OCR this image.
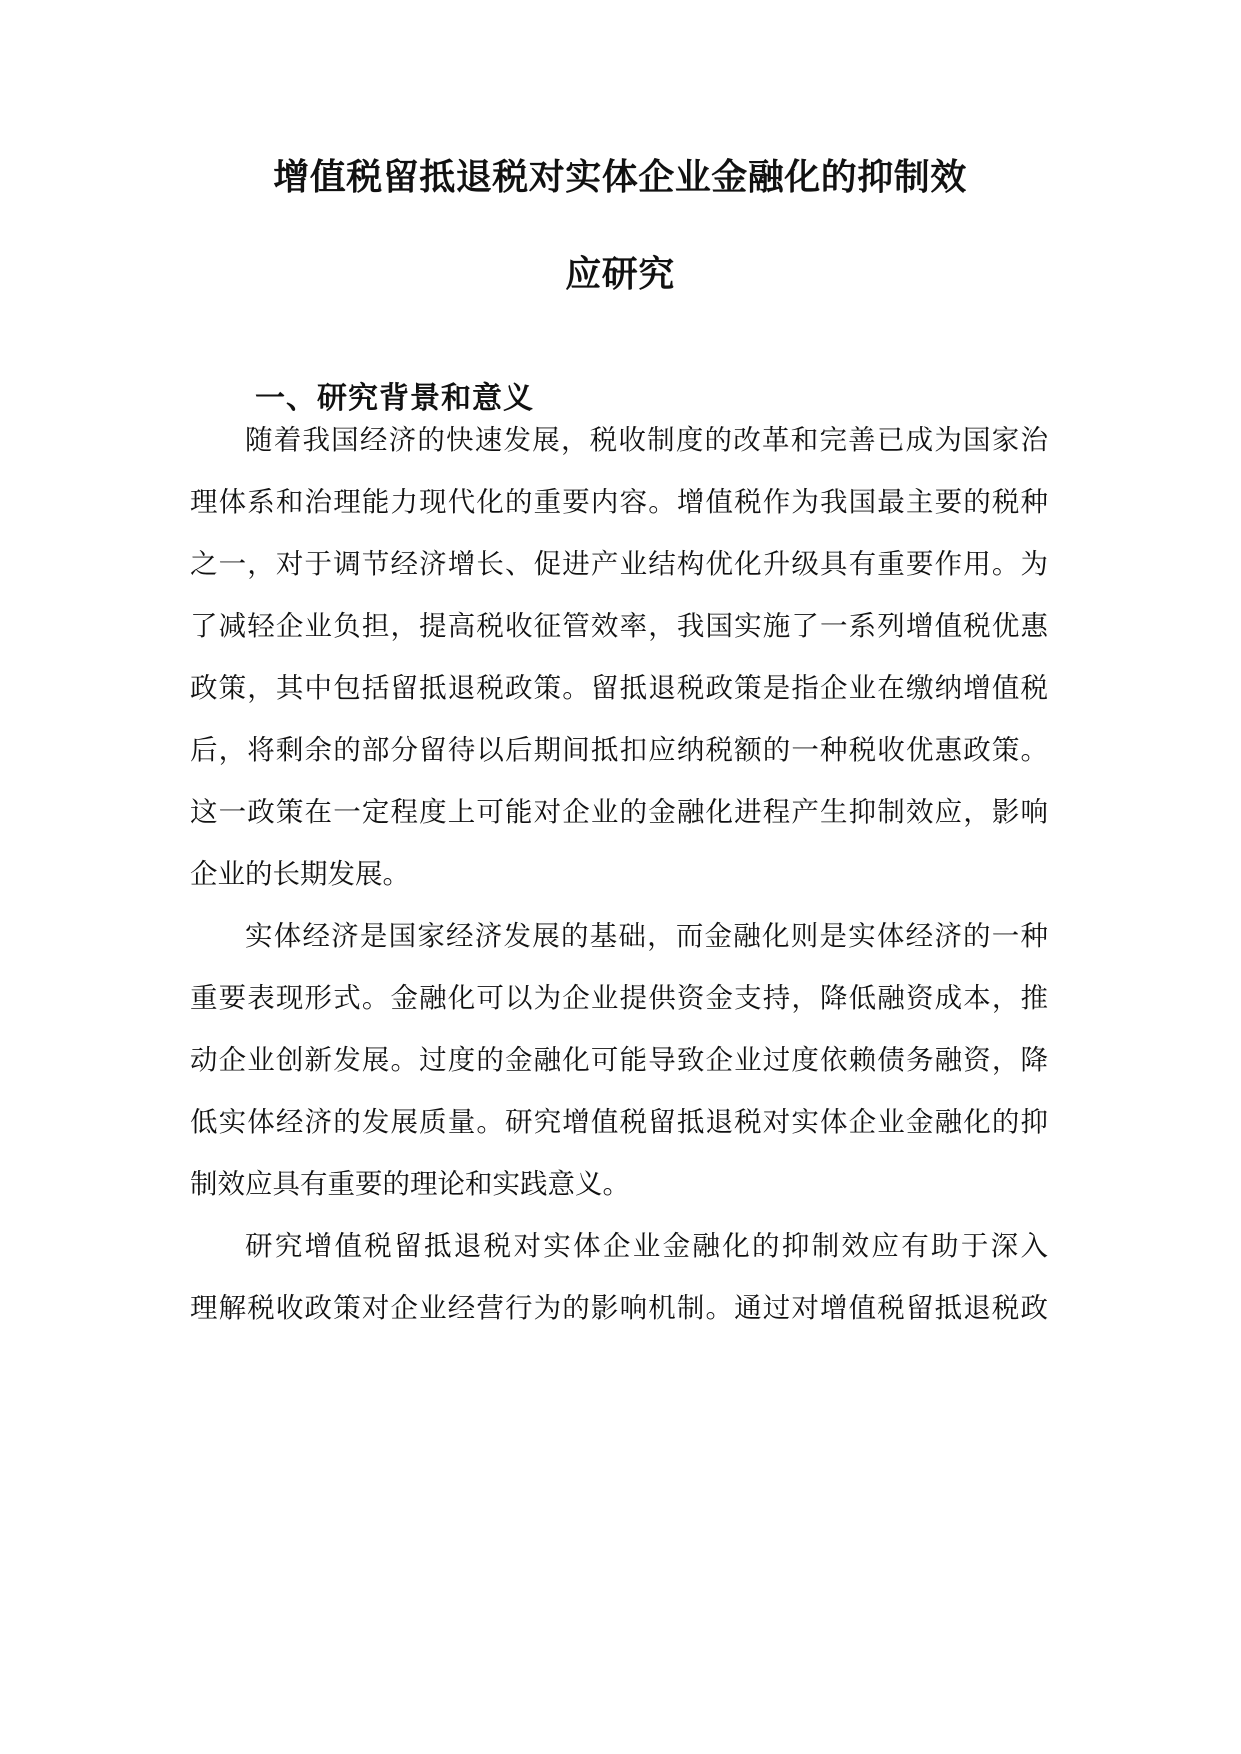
增值税留抵退税对实体企业金融化的抑制效
应研究
一、研究背景和意义
随着我国经济的快速发展，税收制度的改革和完善已成为国家治
理体系和治理能力现代化的重要内容。增值税作为我国最主要的税种
之一，对于调节经济增长、促进产业结构优化升级具有重要作用。为
了减轻企业负担，提高税收征管效率，我国实施了一系列增值税优惠
政策，其中包括留抵退税政策。留抵退税政策是指企业在缴纳增值税
后，将剩余的部分留待以后期间抵扣应纳税额的一种税收优惠政策。
这一政策在一定程度上可能对企业的金融化进程产生抑制效应，影响
企业的长期发展。
实体经济是国家经济发展的基础，而金融化则是实体经济的一种
重要表现形式。金融化可以为企业提供资金支持，降低融资成本，推
动企业创新发展。过度的金融化可能导致企业过度依赖债务融资，降
低实体经济的发展质量。研究增值税留抵退税对实体企业金融化的抑
制效应具有重要的理论和实践意义。
研究增值税留抵退税对实体企业金融化的抑制效应有助于深入
理解税收政策对企业经营行为的影响机制。通过对增值税留抵退税政
